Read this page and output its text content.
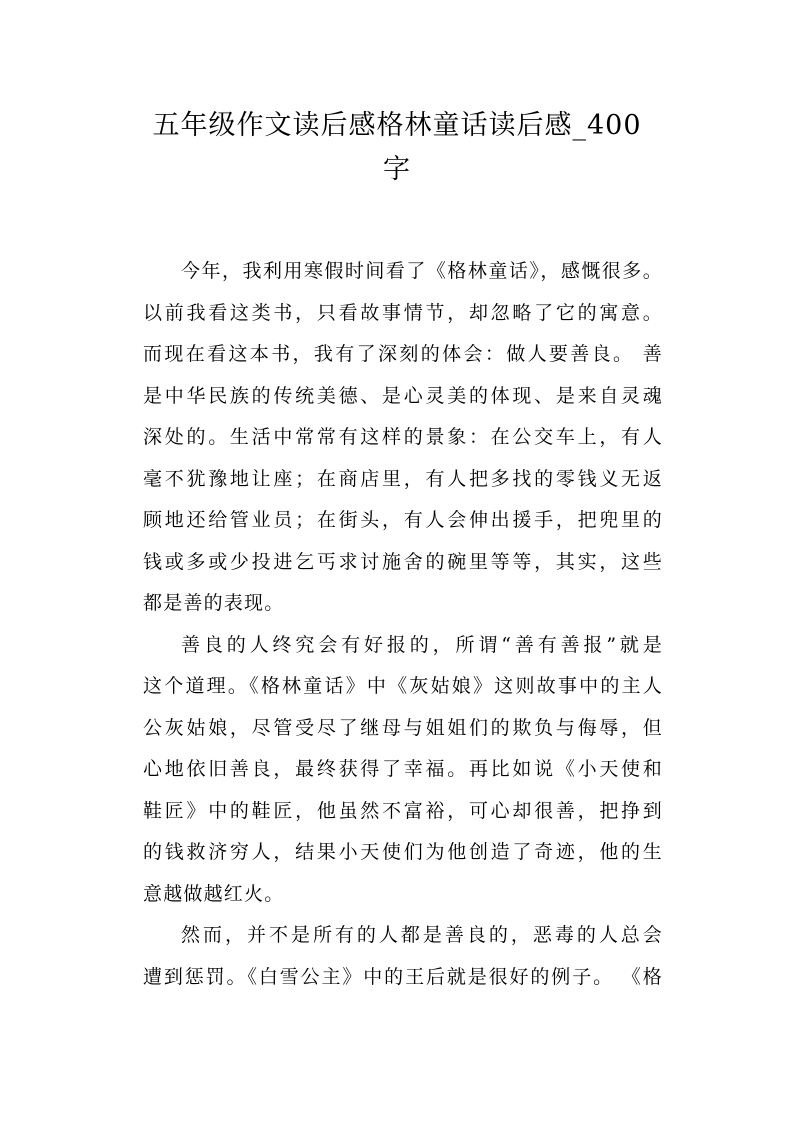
五年级作文读后感格林童话读后感_400
字
今年，我利用寒假时间看了《格林童话》，感慨很多。
以前我看这类书，只看故事情节，却忽略了它的寓意。
而现在看这本书，我有了深刻的体会：做人要善良。 善
是中华民族的传统美德、是心灵美的体现、是来自灵魂
深处的。生活中常常有这样的景象：在公交车上，有人
毫不犹豫地让座；在商店里，有人把多找的零钱义无返
顾地还给管业员；在街头，有人会伸出援手，把兜里的
钱或多或少投进乞丐求讨施舍的碗里等等，其实，这些
都是善的表现。
善良的人终究会有好报的，所谓“善有善报”就是
这个道理。《格林童话》中《灰姑娘》这则故事中的主人
公灰姑娘，尽管受尽了继母与姐姐们的欺负与侮辱，但
心地依旧善良，最终获得了幸福。再比如说《小天使和
鞋匠》中的鞋匠，他虽然不富裕，可心却很善，把挣到
的钱救济穷人，结果小天使们为他创造了奇迹，他的生
意越做越红火。
然而，并不是所有的人都是善良的，恶毒的人总会
遭到惩罚。《白雪公主》中的王后就是很好的例子。 《格
